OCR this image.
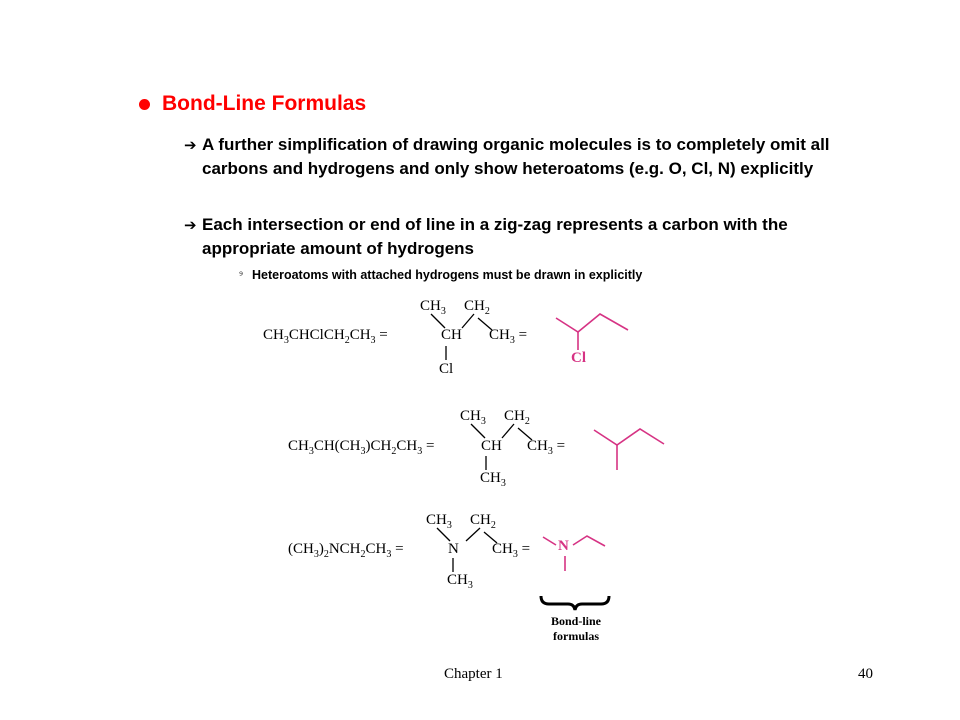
Bond-Line Formulas
➔ A further simplification of drawing organic molecules is to completely omit all carbons and hydrogens and only show heteroatoms (e.g. O, Cl, N) explicitly
➔ Each intersection or end of line in a zig-zag represents a carbon with the appropriate amount of hydrogens
⁹ Heteroatoms with attached hydrogens must be drawn in explicitly
$CH_3CHClCH_2CH_3$ =
$CH_3$ $CH_2$
CH $CH_3$ =
Cl
Cl
$CH_3CH(CH_3)CH_2CH_3$ =
$CH_3$ $CH_2$
CH $CH_3$ =
$CH_3$
$(CH_3)_2NCH_2CH_3$ =
$CH_3$ $CH_2$
N $CH_3$ =
$CH_3$
N
Bond-line
formulas
Chapter 1	40
